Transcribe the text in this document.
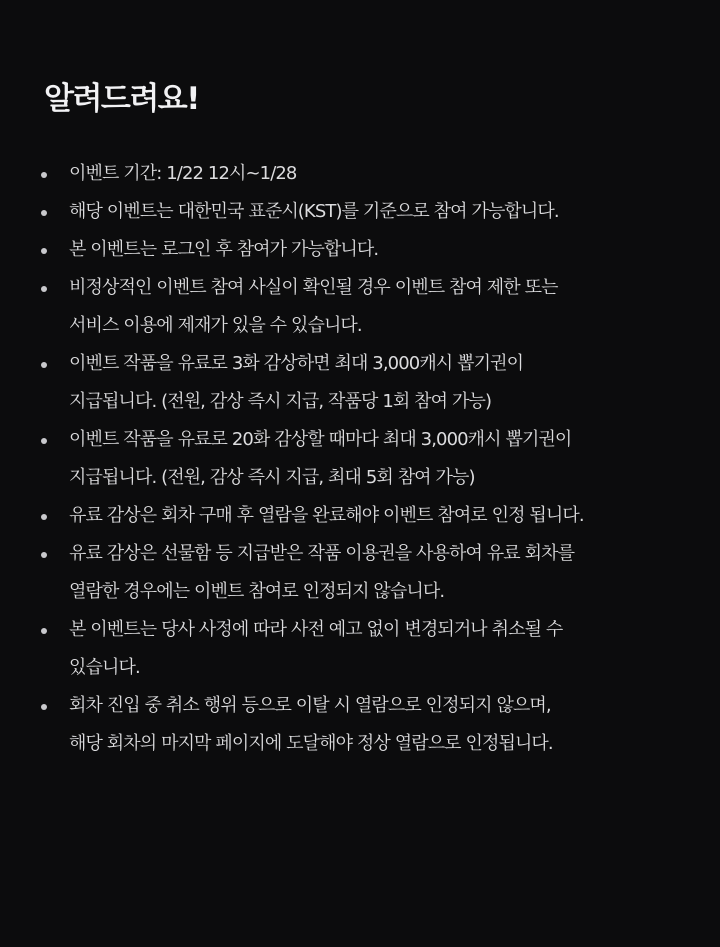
알려드려요!
이벤트 기간: 1/22 12시~1/28
해당 이벤트는 대한민국 표준시(KST)를 기준으로 참여 가능합니다.
본 이벤트는 로그인 후 참여가 가능합니다.
비정상적인 이벤트 참여 사실이 확인될 경우 이벤트 참여 제한 또는
서비스 이용에 제재가 있을 수 있습니다.
이벤트 작품을 유료로 3화 감상하면 최대 3,000캐시 뽑기권이
지급됩니다. (전원, 감상 즉시 지급, 작품당 1회 참여 가능)
이벤트 작품을 유료로 20화 감상할 때마다 최대 3,000캐시 뽑기권이
지급됩니다. (전원, 감상 즉시 지급, 최대 5회 참여 가능)
유료 감상은 회차 구매 후 열람을 완료해야 이벤트 참여로 인정 됩니다.
유료 감상은 선물함 등 지급받은 작품 이용권을 사용하여 유료 회차를
열람한 경우에는 이벤트 참여로 인정되지 않습니다.
본 이벤트는 당사 사정에 따라 사전 예고 없이 변경되거나 취소될 수
있습니다.
회차 진입 중 취소 행위 등으로 이탈 시 열람으로 인정되지 않으며,
해당 회차의 마지막 페이지에 도달해야 정상 열람으로 인정됩니다.
